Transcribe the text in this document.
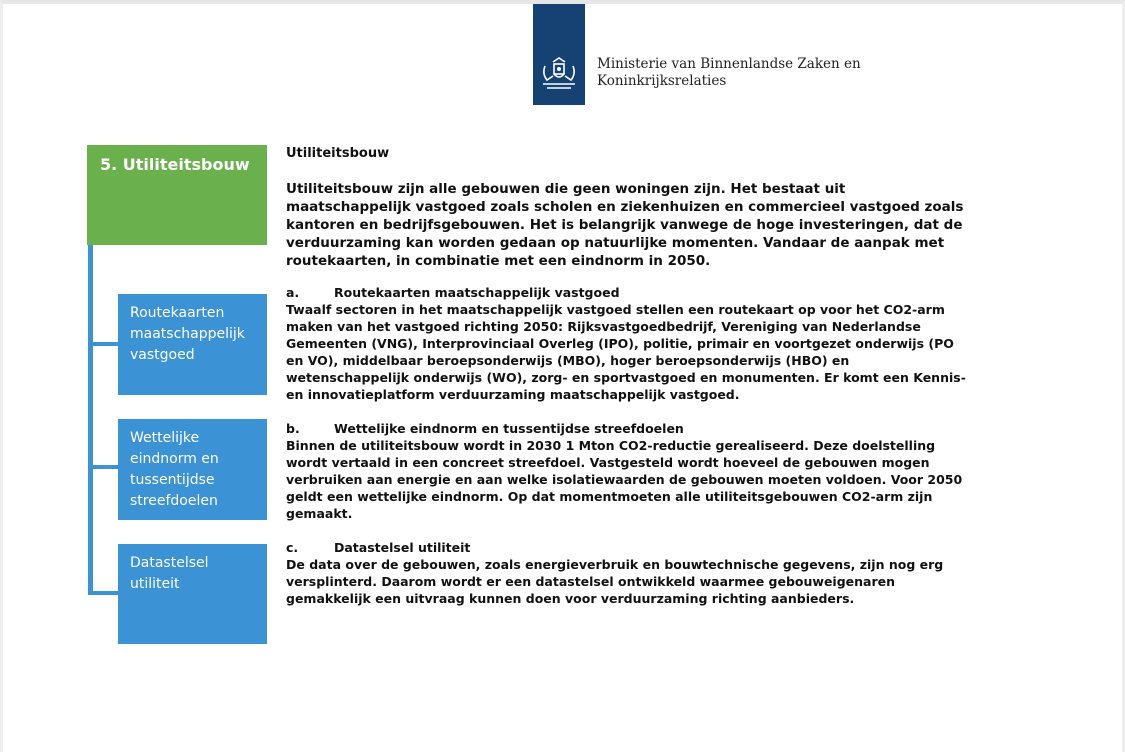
Ministerie van Binnenlandse Zaken en
Koninkrijksrelaties
5. Utiliteitsbouw
Routekaarten maatschappelijk vastgoed
Wettelijke eindnorm en tussentijdse streefdoelen
Datastelsel utiliteit
Utiliteitsbouw
Utiliteitsbouw zijn alle gebouwen die geen woningen zijn. Het bestaat uit maatschappelijk vastgoed zoals scholen en ziekenhuizen en commercieel vastgoed zoals kantoren en bedrijfsgebouwen. Het is belangrijk vanwege de hoge investeringen, dat de verduurzaming kan worden gedaan op natuurlijke momenten. Vandaar de aanpak met routekaarten, in combinatie met een eindnorm in 2050.
a.	Routekaarten maatschappelijk vastgoed
Twaalf sectoren in het maatschappelijk vastgoed stellen een routekaart op voor het CO2-arm maken van het vastgoed richting 2050: Rijksvastgoedbedrijf, Vereniging van Nederlandse Gemeenten (VNG), Interprovinciaal Overleg (IPO), politie, primair en voortgezet onderwijs (PO en VO), middelbaar beroepsonderwijs (MBO), hoger beroepsonderwijs (HBO) en wetenschappelijk onderwijs (WO), zorg- en sportvastgoed en monumenten. Er komt een Kennis- en innovatieplatform verduurzaming maatschappelijk vastgoed.
b.	Wettelijke eindnorm en tussentijdse streefdoelen
Binnen de utiliteitsbouw wordt in 2030 1 Mton CO2-reductie gerealiseerd. Deze doelstelling wordt vertaald in een concreet streefdoel. Vastgesteld wordt hoeveel de gebouwen mogen verbruiken aan energie en aan welke isolatiewaarden de gebouwen moeten voldoen. Voor 2050 geldt een wettelijke eindnorm. Op dat momentmoeten alle utiliteitsgebouwen CO2-arm zijn gemaakt.
c.	Datastelsel utiliteit
De data over de gebouwen, zoals energieverbruik en bouwtechnische gegevens, zijn nog erg versplinterd. Daarom wordt er een datastelsel ontwikkeld waarmee gebouweigenaren gemakkelijk een uitvraag kunnen doen voor verduurzaming richting aanbieders.
